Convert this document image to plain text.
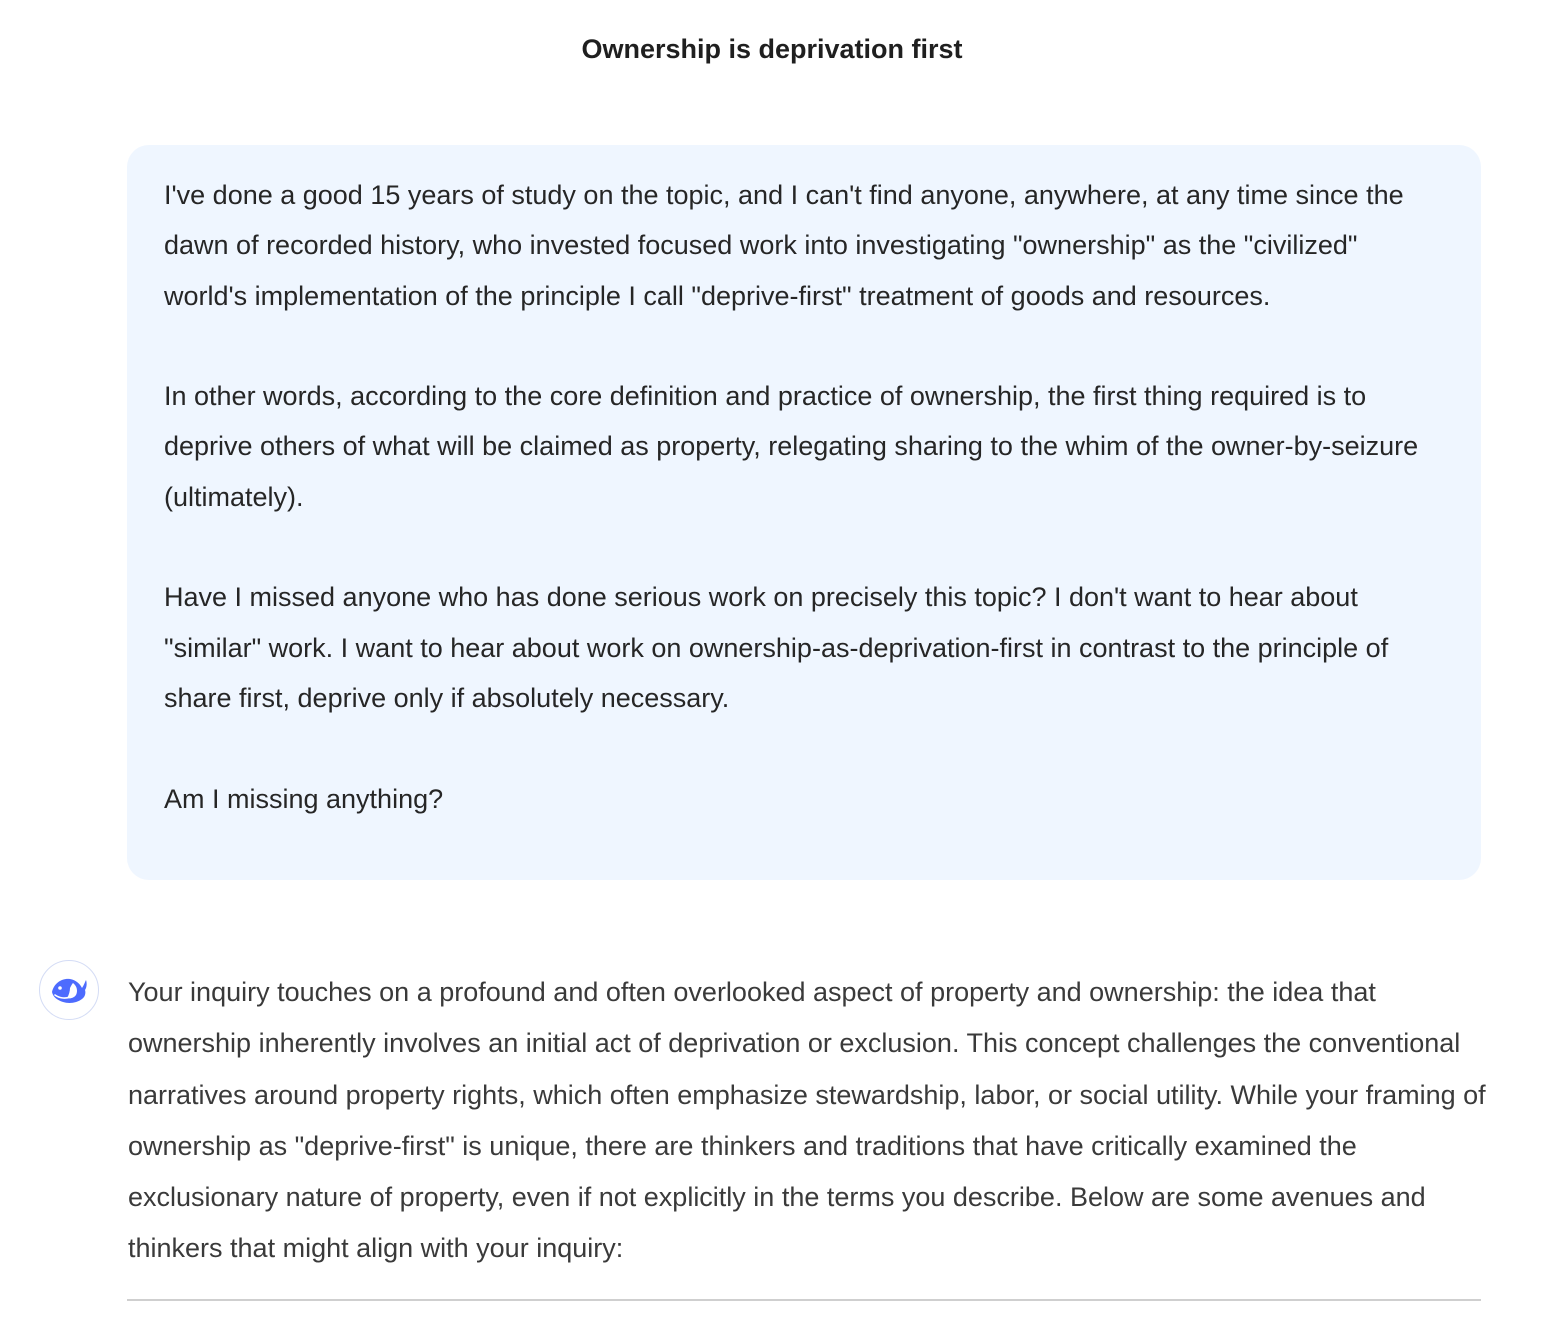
Ownership is deprivation first

I've done a good 15 years of study on the topic, and I can't find anyone, anywhere, at any time since the dawn of recorded history, who invested focused work into investigating "ownership" as the "civilized" world's implementation of the principle I call "deprive-first" treatment of goods and resources.

In other words, according to the core definition and practice of ownership, the first thing required is to deprive others of what will be claimed as property, relegating sharing to the whim of the owner-by-seizure (ultimately).

Have I missed anyone who has done serious work on precisely this topic? I don't want to hear about "similar" work. I want to hear about work on ownership-as-deprivation-first in contrast to the principle of share first, deprive only if absolutely necessary.

Am I missing anything?

Your inquiry touches on a profound and often overlooked aspect of property and ownership: the idea that ownership inherently involves an initial act of deprivation or exclusion. This concept challenges the conventional narratives around property rights, which often emphasize stewardship, labor, or social utility. While your framing of ownership as "deprive-first" is unique, there are thinkers and traditions that have critically examined the exclusionary nature of property, even if not explicitly in the terms you describe. Below are some avenues and thinkers that might align with your inquiry:
